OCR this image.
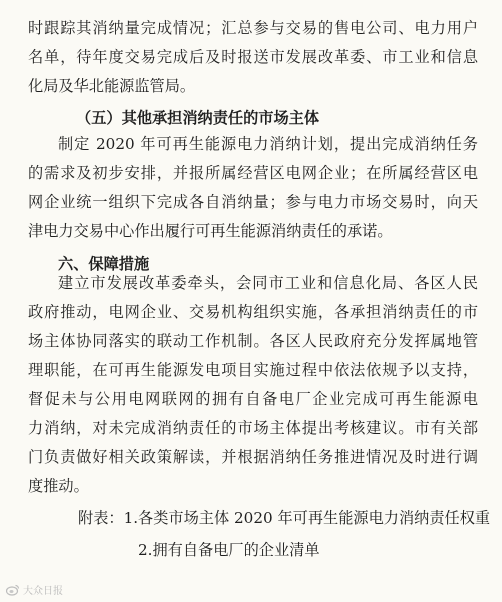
时跟踪其消纳量完成情况；汇总参与交易的售电公司、电力用户
名单，待年度交易完成后及时报送市发展改革委、市工业和信息
化局及华北能源监管局。
（五）其他承担消纳责任的市场主体
制定 2020 年可再生能源电力消纳计划，提出完成消纳任务
的需求及初步安排，并报所属经营区电网企业；在所属经营区电
网企业统一组织下完成各自消纳量；参与电力市场交易时，向天
津电力交易中心作出履行可再生能源消纳责任的承诺。
六、保障措施
建立市发展改革委牵头，会同市工业和信息化局、各区人民
政府推动，电网企业、交易机构组织实施，各承担消纳责任的市
场主体协同落实的联动工作机制。各区人民政府充分发挥属地管
理职能，在可再生能源发电项目实施过程中依法依规予以支持，
督促未与公用电网联网的拥有自备电厂企业完成可再生能源电
力消纳，对未完成消纳责任的市场主体提出考核建议。市有关部
门负责做好相关政策解读，并根据消纳任务推进情况及时进行调
度推动。
附表：1.各类市场主体 2020 年可再生能源电力消纳责任权重
2.拥有自备电厂的企业清单
大众日报
